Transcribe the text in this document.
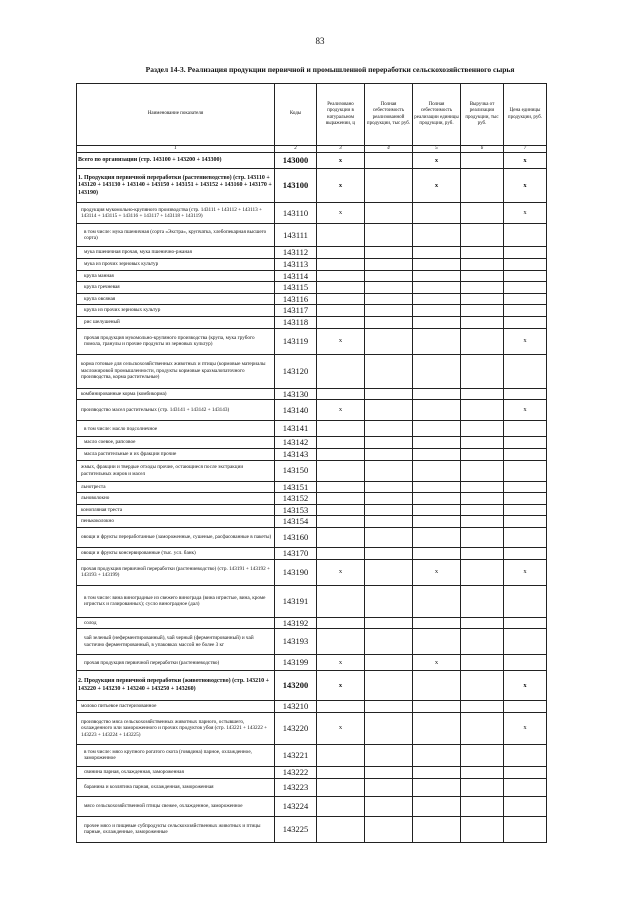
83
Раздел 14-3. Реализация продукции первичной и промышленной переработки сельскохозяйственного сырья
Наименование показателя	Коды	Реализовано продукции в натуральном выражении, ц	Полная себестоимость реализованной продукции, тыс руб.	Полная себестоимость реализации единицы продукции, руб.	Выручка от реализации продукции, тыс руб.	Цена единицы продукции, руб.
1	2	3	4	5	6	7
Всего по организации (стр. 143100 + 143200 + 143300)	143000	x		x		x
1. Продукция первичной переработки (растениеводство) (стр. 143110 + 143120 + 143130 + 143140 + 143150 + 143151 + 143152 + 143160 + 143170 + 143190)	143100	x		x		x
продукция мукомольно-крупяного производства (стр. 143111 + 143112 + 143113 + 143114 + 143115 + 143116 + 143117 + 143118 + 143119)	143110	x				x
в том числе: мука пшеничная (сорта «Экстра», крупчатка, хлебопекарная высшего сорта)	143111					
мука пшеничная прочая, мука пшенично-ржаная	143112					
мука из прочих зерновых культур	143113					
крупа манная	143114					
крупа гречневая	143115					
крупа овсяная	143116					
крупа из прочих зерновых культур	143117					
рис шелушеный	143118					
прочая продукция мукомольно-крупяного производства (крупа, мука грубого помола, гранулы и прочие продукты из зерновых культур)	143119	x				x
корма готовые для сельскохозяйственных животных и птицы (кормовые материалы масложировой промышленности, продукты кормовые крахмалопаточного производства, корма растительные)	143120					
комбинированные корма (комбикорма)	143130					
производство масел растительных (стр. 143141 + 143142 + 143143)	143140	x				x
в том числе: масло подсолнечное	143141					
масло соевое, рапсовое	143142					
масла растительные и их фракции прочие	143143					
жмых, фракции и твердые отходы прочие, остающиеся после экстракции растительных жиров и масел	143150					
льнотреста	143151					
льноволокно	143152					
конопляная треста	143153					
пенькоколокно	143154					
овощи и фрукты переработанные (замороженные, сушеные, расфасованные в пакеты)	143160					
овощи и фрукты консервированные (тыс. усл. банк)	143170					
прочая продукция первичной переработки (растениеводство) (стр. 143191 + 143192 + 143193 + 143199)	143190	x		x		x
в том числе: вина виноградные из свежего винограда (вина игристые, вина, кроме игристых и газированных); сусло виноградное (дал)	143191					
солод	143192					
чай зеленый (неферментированный), чай черный (ферментированный) и чай частично ферментированный, в упаковках массой не более 3 кг	143193					
прочая продукция первичной переработки (растениеводство)	143199	x		x		
2. Продукция первичной переработки (животноводство) (стр. 143210 + 143220 + 143230 + 143240 + 143250 + 143260)	143200	x				x
молоко питьевое пастеризованное	143210					
производство мяса сельскохозяйственных животных парного, остывшего, охлажденного или замороженного и прочих продуктов убоя (стр. 143221 + 143222 + 143223 + 143224 + 143225)	143220	x				x
в том числе: мясо крупного рогатого скота (говядина) парное, охлажденное, замороженное	143221					
свинина парная, охлажденная, замороженная	143222					
баранина и козлятина парная, охлажденная, замороженная	143223					
мясо сельскохозяйственной птицы свежее, охлажденное, замороженное	143224					
прочее мясо и пищевые субпродукты сельскохозяйственных животных и птицы парные, охлажденные, замороженные	143225					
